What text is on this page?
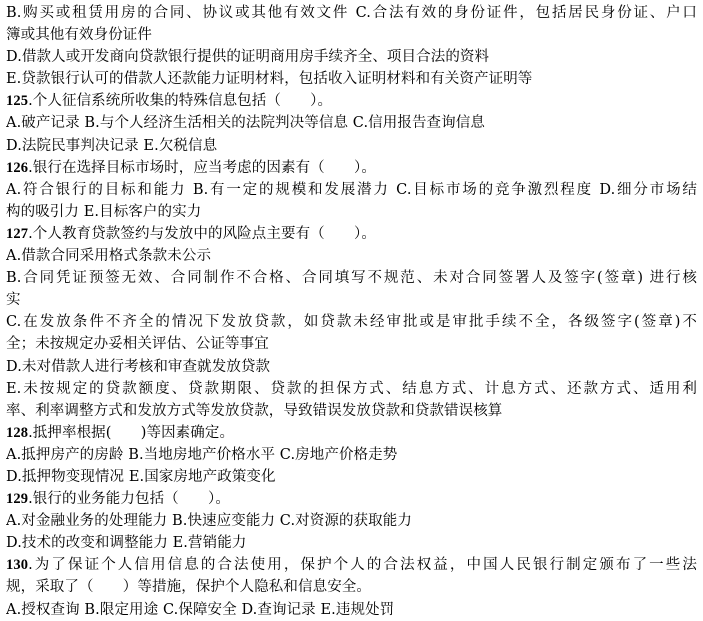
B.购买或租赁用房的合同、协议或其他有效文件 C.合法有效的身份证件，包括居民身份证、户口
簿或其他有效身份证件
D.借款人或开发商向贷款银行提供的证明商用房手续齐全、项目合法的资料
E.贷款银行认可的借款人还款能力证明材料，包括收入证明材料和有关资产证明等
125.个人征信系统所收集的特殊信息包括（　　）。
A.破产记录 B.与个人经济生活相关的法院判决等信息 C.信用报告查询信息
D.法院民事判决记录 E.欠税信息
126.银行在选择目标市场时，应当考虑的因素有（　　）。
A.符合银行的目标和能力 B.有一定的规模和发展潜力 C.目标市场的竞争激烈程度 D.细分市场结
构的吸引力 E.目标客户的实力
127.个人教育贷款签约与发放中的风险点主要有（　　）。
A.借款合同采用格式条款未公示
B.合同凭证预签无效、合同制作不合格、合同填写不规范、未对合同签署人及签字(签章) 进行核
实
C.在发放条件不齐全的情况下发放贷款，如贷款未经审批或是审批手续不全，各级签字(签章)不
全；未按规定办妥相关评估、公证等事宜
D.未对借款人进行考核和审查就发放贷款
E.未按规定的贷款额度、贷款期限、贷款的担保方式、结息方式、计息方式、还款方式、适用利
率、利率调整方式和发放方式等发放贷款，导致错误发放贷款和贷款错误核算
128.抵押率根据(　　)等因素确定。
A.抵押房产的房龄 B.当地房地产价格水平 C.房地产价格走势
D.抵押物变现情况 E.国家房地产政策变化
129.银行的业务能力包括（　　）。
A.对金融业务的处理能力 B.快速应变能力 C.对资源的获取能力
D.技术的改变和调整能力 E.营销能力
130.为了保证个人信用信息的合法使用，保护个人的合法权益，中国人民银行制定颁布了一些法
规，采取了（　　）等措施，保护个人隐私和信息安全。
A.授权查询 B.限定用途 C.保障安全 D.查询记录 E.违规处罚
